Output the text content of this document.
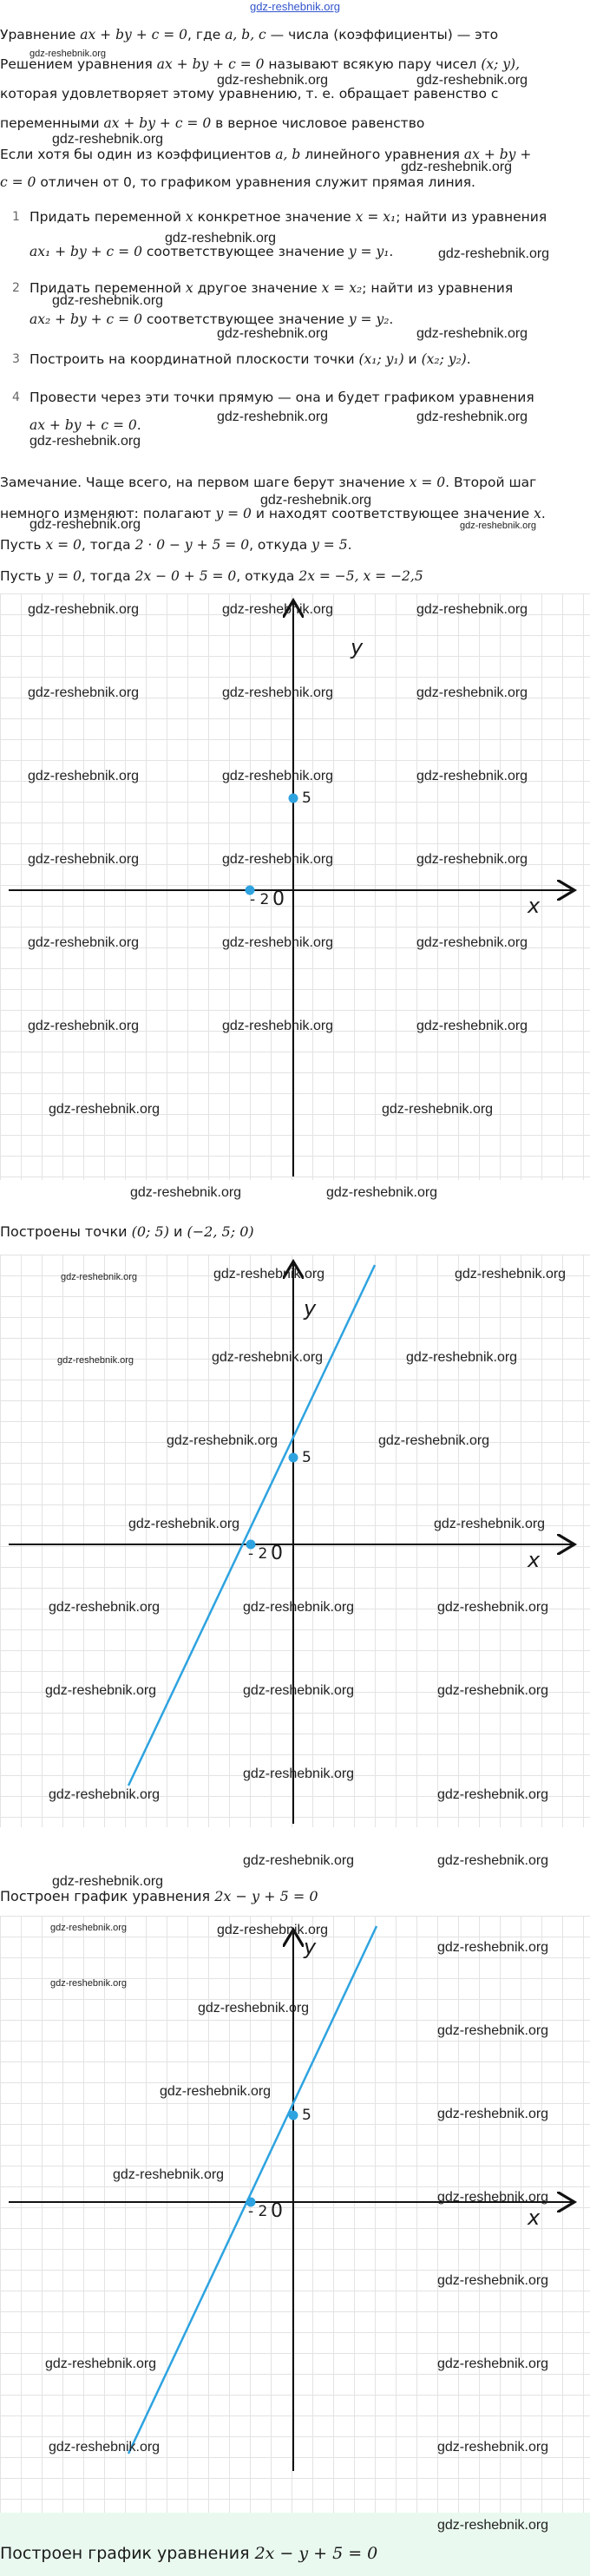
gdz-reshebnik.org
Уравнение ax + by + c = 0, где a, b, c — числа (коэффициенты) — это
Решением уравнения ax + by + c = 0 называют всякую пару чисел (x; y),
которая удовлетворяет этому уравнению, т. е. обращает равенство с
переменными ax + by + c = 0 в верное числовое равенство
Если хотя бы один из коэффициентов a, b линейного уравнения ax + by +
c = 0 отличен от 0, то графиком уравнения служит прямая линия.
1 Придать переменной x конкретное значение x = x₁; найти из уравнения
ax₁ + by + c = 0 соответствующее значение y = y₁.
2 Придать переменной x другое значение x = x₂; найти из уравнения
ax₂ + by + c = 0 соответствующее значение y = y₂.
3 Построить на координатной плоскости точки (x₁; y₁) и (x₂; y₂).
4 Провести через эти точки прямую — она и будет графиком уравнения
ax + by + c = 0.
Замечание. Чаще всего, на первом шаге берут значение x = 0. Второй шаг
немного изменяют: полагают y = 0 и находят соответствующее значение x.
Пусть x = 0, тогда 2 · 0 − y + 5 = 0, откуда y = 5.
Пусть y = 0, тогда 2x − 0 + 5 = 0, откуда 2x = −5, x = −2,5
gdz-reshebnik.org
gdz-reshebnik.org	gdz-reshebnik.org
gdz-reshebnik.org
gdz-reshebnik.org
gdz-reshebnik.org
gdz-reshebnik.org
gdz-reshebnik.org
gdz-reshebnik.org	gdz-reshebnik.org
gdz-reshebnik.org	gdz-reshebnik.org
gdz-reshebnik.org
gdz-reshebnik.org
gdz-reshebnik.org	gdz-reshebnik.org
y
x
5
- 2 0
gdz-reshebnik.org	gdz-reshebnik.org	gdz-reshebnik.org
gdz-reshebnik.org	gdz-reshebnik.org	gdz-reshebnik.org
gdz-reshebnik.org	gdz-reshebnik.org	gdz-reshebnik.org
gdz-reshebnik.org	gdz-reshebnik.org	gdz-reshebnik.org
gdz-reshebnik.org	gdz-reshebnik.org	gdz-reshebnik.org
gdz-reshebnik.org	gdz-reshebnik.org	gdz-reshebnik.org
gdz-reshebnik.org	gdz-reshebnik.org
gdz-reshebnik.org	gdz-reshebnik.org
Построены точки (0; 5) и (−2, 5; 0)
y
x
5
- 2 0
gdz-reshebnik.org	gdz-reshebnik.org	gdz-reshebnik.org
gdz-reshebnik.org	gdz-reshebnik.org	gdz-reshebnik.org
gdz-reshebnik.org	gdz-reshebnik.org
gdz-reshebnik.org	gdz-reshebnik.org
gdz-reshebnik.org	gdz-reshebnik.org	gdz-reshebnik.org
gdz-reshebnik.org	gdz-reshebnik.org	gdz-reshebnik.org
gdz-reshebnik.org
gdz-reshebnik.org	gdz-reshebnik.org
gdz-reshebnik.org
gdz-reshebnik.org	gdz-reshebnik.org
Построен график уравнения 2x − y + 5 = 0
y
x
5
- 2 0
gdz-reshebnik.org	gdz-reshebnik.org
gdz-reshebnik.org
gdz-reshebnik.org
gdz-reshebnik.org
gdz-reshebnik.org
gdz-reshebnik.org
gdz-reshebnik.org
gdz-reshebnik.org
gdz-reshebnik.org
gdz-reshebnik.org
gdz-reshebnik.org	gdz-reshebnik.org
gdz-reshebnik.org	gdz-reshebnik.org
gdz-reshebnik.org
Построен график уравнения 2x − y + 5 = 0
